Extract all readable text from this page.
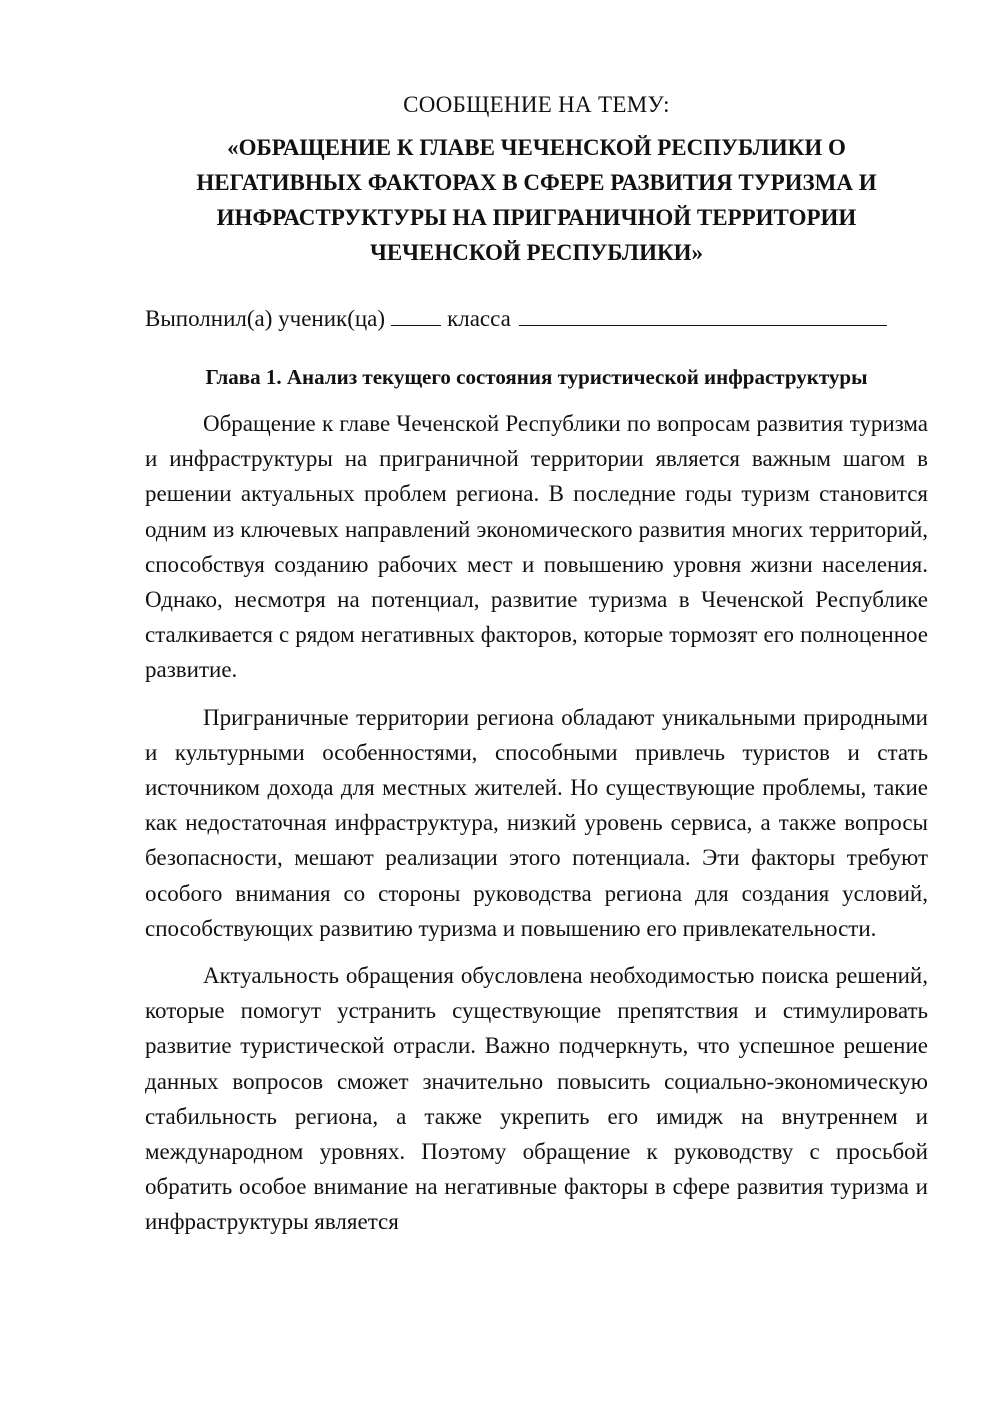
СООБЩЕНИЕ НА ТЕМУ:
«ОБРАЩЕНИЕ К ГЛАВЕ ЧЕЧЕНСКОЙ РЕСПУБЛИКИ О НЕГАТИВНЫХ ФАКТОРАХ В СФЕРЕ РАЗВИТИЯ ТУРИЗМА И ИНФРАСТРУКТУРЫ НА ПРИГРАНИЧНОЙ ТЕРРИТОРИИ ЧЕЧЕНСКОЙ РЕСПУБЛИКИ»
Выполнил(а) ученик(ца)	класса
Глава 1. Анализ текущего состояния туристической инфраструктуры

Обращение к главе Чеченской Республики по вопросам развития туризма и инфраструктуры на приграничной территории является важным шагом в решении актуальных проблем региона. В последние годы туризм становится одним из ключевых направлений экономического развития многих территорий, способствуя созданию рабочих мест и повышению уровня жизни населения. Однако, несмотря на потенциал, развитие туризма в Чеченской Республике сталкивается с рядом негативных факторов, которые тормозят его полноценное развитие.

Приграничные территории региона обладают уникальными природными и культурными особенностями, способными привлечь туристов и стать источником дохода для местных жителей. Но существующие проблемы, такие как недостаточная инфраструктура, низкий уровень сервиса, а также вопросы безопасности, мешают реализации этого потенциала. Эти факторы требуют особого внимания со стороны руководства региона для создания условий, способствующих развитию туризма и повышению его привлекательности.

Актуальность обращения обусловлена необходимостью поиска решений, которые помогут устранить существующие препятствия и стимулировать развитие туристической отрасли. Важно подчеркнуть, что успешное решение данных вопросов сможет значительно повысить социально-экономическую стабильность региона, а также укрепить его имидж на внутреннем и международном уровнях. Поэтому обращение к руководству с просьбой обратить особое внимание на негативные факторы в сфере развития туризма и инфраструктуры является
